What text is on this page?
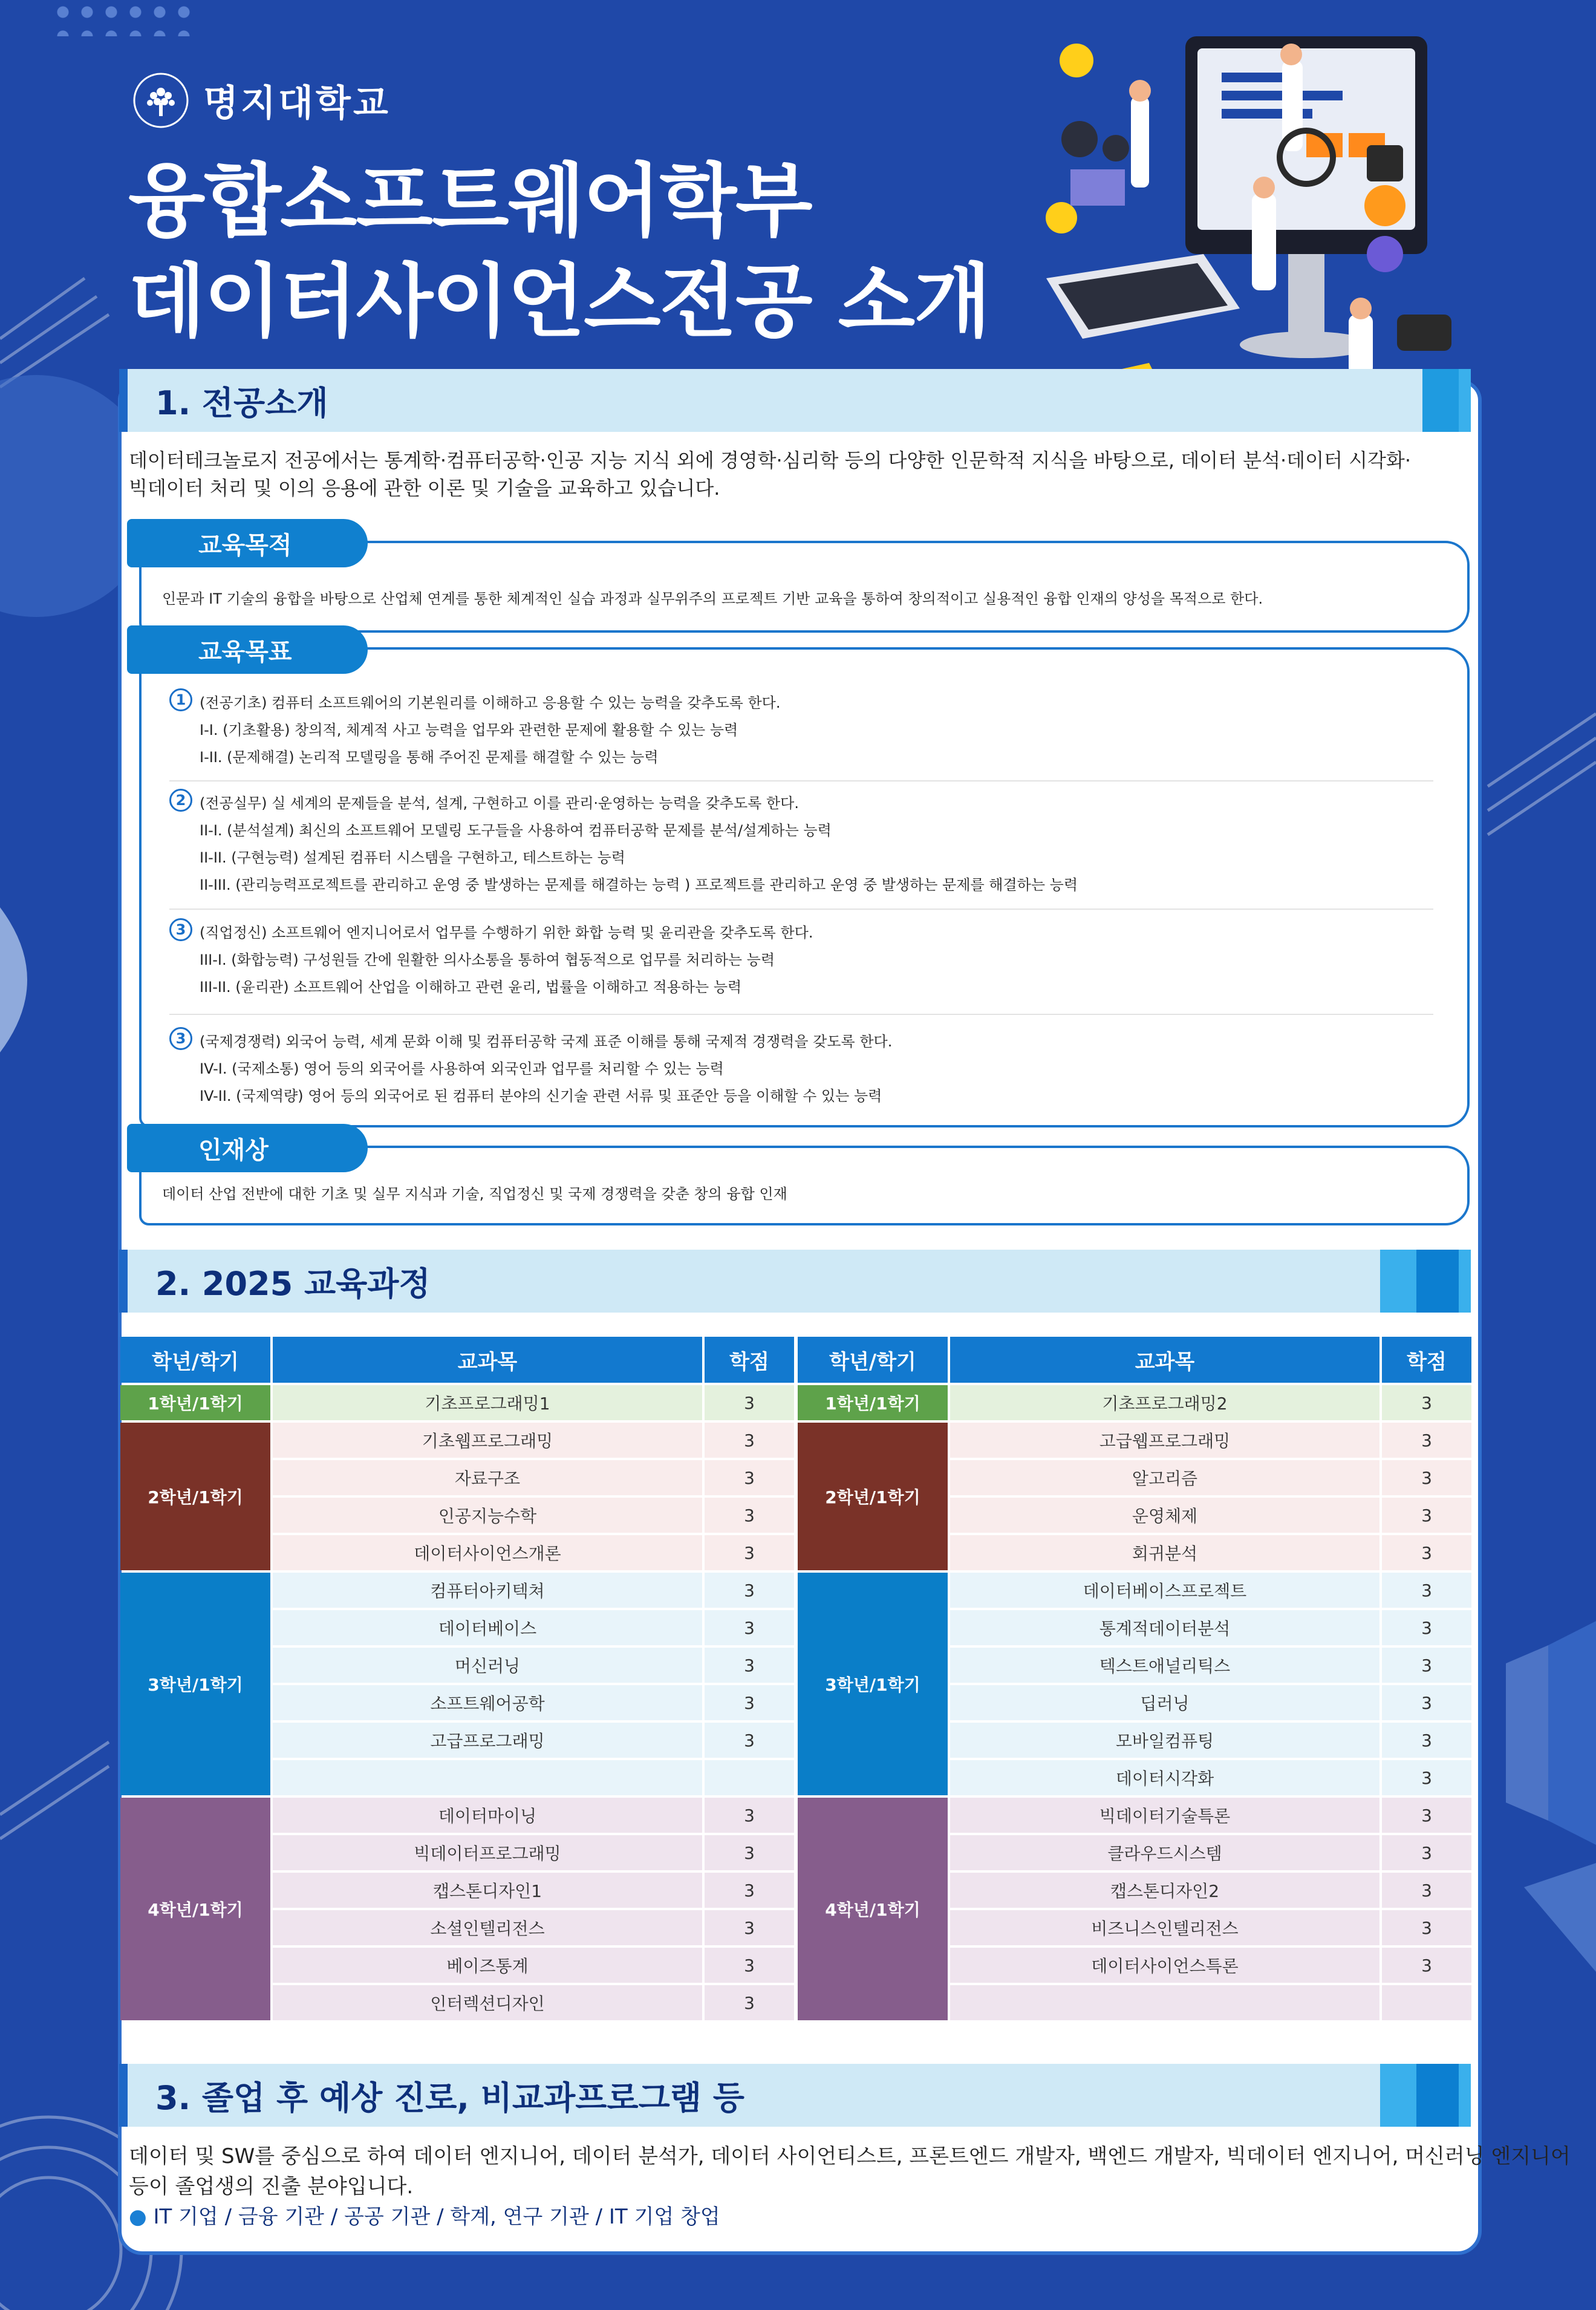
명지대학교
융합소프트웨어학부
데이터사이언스전공 소개
1. 전공소개
데이터테크놀로지 전공에서는 통계학·컴퓨터공학·인공 지능 지식 외에 경영학·심리학 등의 다양한 인문학적 지식을 바탕으로, 데이터 분석·데이터 시각화·
빅데이터 처리 및 이의 응용에 관한 이론 및 기술을 교육하고 있습니다.
인문과 IT 기술의 융합을 바탕으로 산업체 연계를 통한 체계적인 실습 과정과 실무위주의 프로젝트 기반 교육을 통하여 창의적이고 실용적인 융합 인재의 양성을 목적으로 한다.
교육목적
교육목표
1 (전공기초) 컴퓨터 소프트웨어의 기본원리를 이해하고 응용할 수 있는 능력을 갖추도록 한다.

I-I. (기초활용) 창의적, 체계적 사고 능력을 업무와 관련한 문제에 활용할 수 있는 능력

I-II. (문제해결) 논리적 모델링을 통해 주어진 문제를 해결할 수 있는 능력

2 (전공실무) 실 세계의 문제들을 분석, 설계, 구현하고 이를 관리·운영하는 능력을 갖추도록 한다.

II-I. (분석설계) 최신의 소프트웨어 모델링 도구들을 사용하여 컴퓨터공학 문제를 분석/설계하는 능력

II-II. (구현능력) 설계된 컴퓨터 시스템을 구현하고, 테스트하는 능력

II-III. (관리능력프로젝트를 관리하고 운영 중 발생하는 문제를 해결하는 능력 ) 프로젝트를 관리하고 운영 중 발생하는 문제를 해결하는 능력

3 (직업정신) 소프트웨어 엔지니어로서 업무를 수행하기 위한 화합 능력 및 윤리관을 갖추도록 한다.

III-I. (화합능력) 구성원들 간에 원활한 의사소통을 통하여 협동적으로 업무를 처리하는 능력

III-II. (윤리관) 소프트웨어 산업을 이해하고 관련 윤리, 법률을 이해하고 적용하는 능력

3 (국제경쟁력) 외국어 능력, 세계 문화 이해 및 컴퓨터공학 국제 표준 이해를 통해 국제적 경쟁력을 갖도록 한다.

IV-I. (국제소통) 영어 등의 외국어를 사용하여 외국인과 업무를 처리할 수 있는 능력

IV-II. (국제역량) 영어 등의 외국어로 된 컴퓨터 분야의 신기술 관련 서류 및 표준안 등을 이해할 수 있는 능력

데이터 산업 전반에 대한 기초 및 실무 지식과 기술, 직업정신 및 국제 경쟁력을 갖춘 창의 융합 인재
인재상
2. 2025 교육과정
학년/학기	교과목	학점
1학년/1학기	기초프로그래밍1	3
2학년/1학기	기초웹프로그래밍	3
	자료구조	3
	인공지능수학	3
	데이터사이언스개론	3
3학년/1학기	컴퓨터아키텍쳐	3
	데이터베이스	3
	머신러닝	3
	소프트웨어공학	3
	고급프로그래밍	3

4학년/1학기	데이터마이닝	3
	빅데이터프로그래밍	3
	캡스톤디자인1	3
	소셜인텔리전스	3
	베이즈통계	3
	인터렉션디자인	3
학년/학기	교과목	학점
1학년/1학기	기초프로그래밍2	3
2학년/1학기	고급웹프로그래밍	3
	알고리즘	3
	운영체제	3
	회귀분석	3
3학년/1학기	데이터베이스프로젝트	3
	통계적데이터분석	3
	텍스트애널리틱스	3
	딥러닝	3
	모바일컴퓨팅	3
	데이터시각화	3
4학년/1학기	빅데이터기술특론	3
	클라우드시스템	3
	캡스톤디자인2	3
	비즈니스인텔리전스	3
	데이터사이언스특론	3

3. 졸업 후 예상 진로, 비교과프로그램 등
데이터 및 SW를 중심으로 하여 데이터 엔지니어, 데이터 분석가, 데이터 사이언티스트, 프론트엔드 개발자, 백엔드 개발자, 빅데이터 엔지니어, 머신러닝 엔지니어
등이 졸업생의 진출 분야입니다.
● IT 기업 / 금융 기관 / 공공 기관 / 학계, 연구 기관 / IT 기업 창업
